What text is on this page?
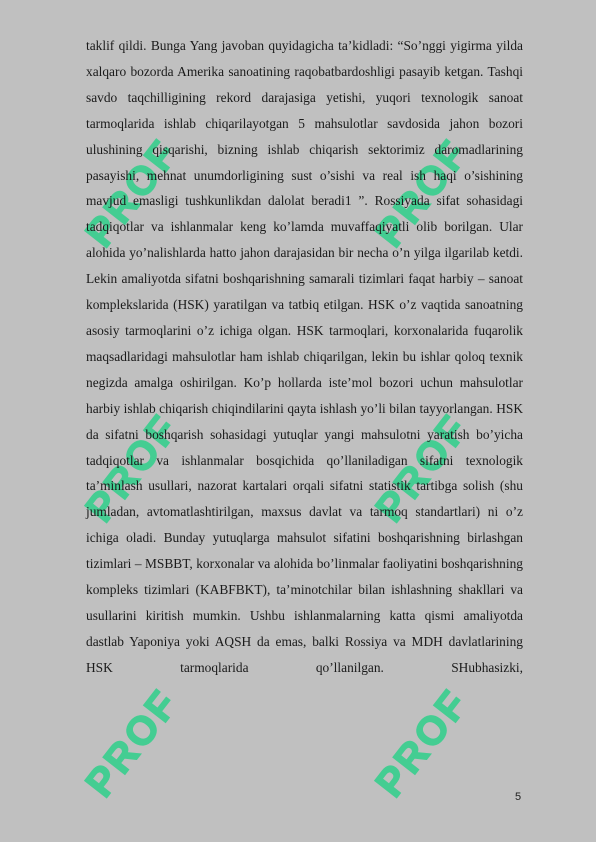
PROF	PROF
PROF	PROF
PROF	PROF

taklif qildi. Bunga Yang javoban quyidagicha ta’kidladi: “So’nggi yigirma yilda xalqaro bozorda Amerika sanoatining raqobatbardoshligi pasayib ketgan. Tashqi savdo taqchilligining rekord darajasiga yetishi, yuqori texnologik sanoat tarmoqlarida ishlab chiqarilayotgan 5 mahsulotlar savdosida jahon bozori ulushining qisqarishi, bizning ishlab chiqarish sektorimiz daromadlarining pasayishi, mehnat unumdorligining sust o’sishi va real ish haqi o’sishining mavjud emasligi tushkunlikdan dalolat beradi1 ”. Rossiyada sifat sohasidagi tadqiqotlar va ishlanmalar keng ko’lamda muvaffaqiyatli olib borilgan. Ular alohida yo’nalishlarda hatto jahon darajasidan bir necha o’n yilga ilgarilab ketdi. Lekin amaliyotda sifatni boshqarishning samarali tizimlari faqat harbiy – sanoat komplekslarida (HSK) yaratilgan va tatbiq etilgan. HSK o’z vaqtida sanoatning asosiy tarmoqlarini o’z ichiga olgan. HSK tarmoqlari, korxonalarida fuqarolik maqsadlaridagi mahsulotlar ham ishlab chiqarilgan, lekin bu ishlar qoloq texnik negizda amalga oshirilgan. Ko’p hollarda iste’mol bozori uchun mahsulotlar harbiy ishlab chiqarish chiqindilarini qayta ishlash yo’li bilan tayyorlangan. HSK da sifatni boshqarish sohasidagi yutuqlar yangi mahsulotni yaratish bo’yicha tadqiqotlar va ishlanmalar bosqichida qo’llaniladigan sifatni texnologik ta’minlash usullari, nazorat kartalari orqali sifatni statistik tartibga solish (shu jumladan, avtomatlashtirilgan, maxsus davlat va tarmoq standartlari) ni o’z ichiga oladi. Bunday yutuqlarga mahsulot sifatini boshqarishning birlashgan tizimlari – MSBBT, korxonalar va alohida bo’linmalar faoliyatini boshqarishning kompleks tizimlari (KABFBKT), ta’minotchilar bilan ishlashning shakllari va usullarini kiritish mumkin. Ushbu ishlanmalarning katta qismi amaliyotda dastlab Yaponiya yoki AQSH da emas, balki Rossiya va MDH davlatlarining HSK tarmoqlarida qo’llanilgan. SHubhasizki,

5
